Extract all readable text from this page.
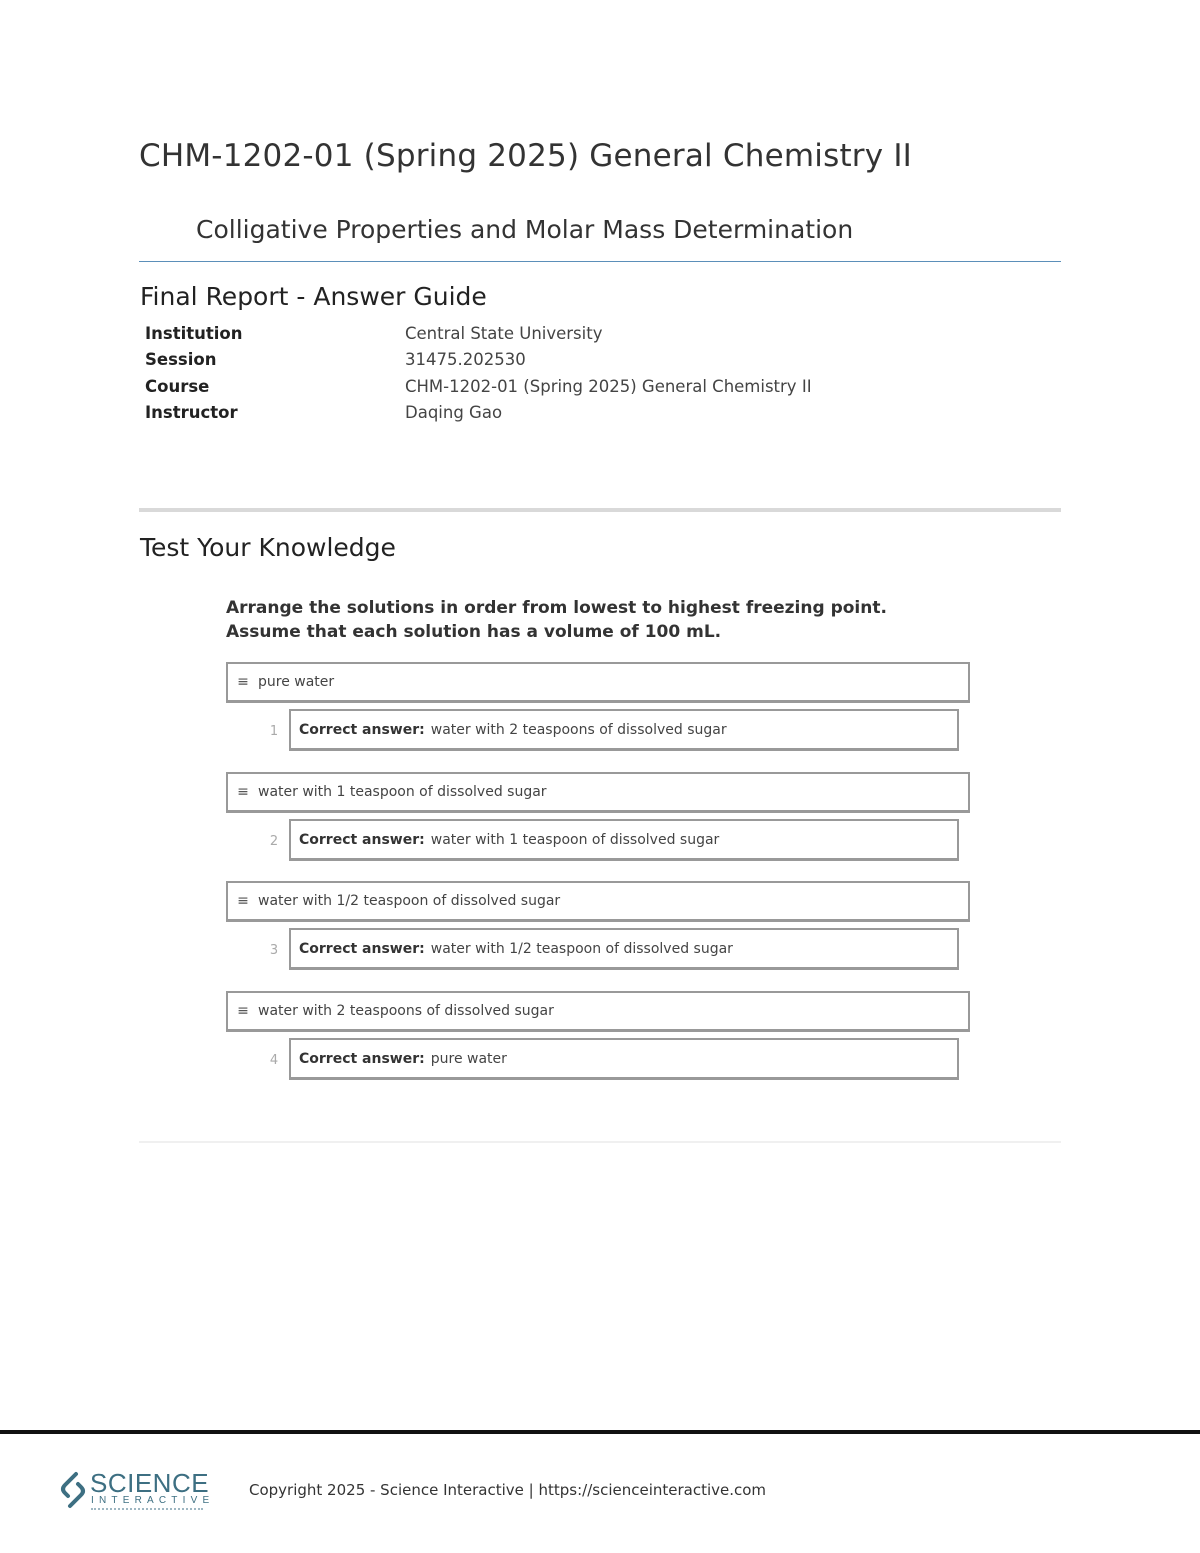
CHM-1202-01 (Spring 2025) General Chemistry II
Colligative Properties and Molar Mass Determination
Final Report - Answer Guide
Institution	Central State University
Session	31475.202530
Course	CHM-1202-01 (Spring 2025) General Chemistry II
Instructor	Daqing Gao
Test Your Knowledge
Arrange the solutions in order from lowest to highest freezing point.
Assume that each solution has a volume of 100 mL.
≡ pure water
1	Correct answer: water with 2 teaspoons of dissolved sugar
≡ water with 1 teaspoon of dissolved sugar
2	Correct answer: water with 1 teaspoon of dissolved sugar
≡ water with 1/2 teaspoon of dissolved sugar
3	Correct answer: water with 1/2 teaspoon of dissolved sugar
≡ water with 2 teaspoons of dissolved sugar
4	Correct answer: pure water
SCIENCE
INTERACTIVE
Copyright 2025 - Science Interactive | https://scienceinteractive.com
